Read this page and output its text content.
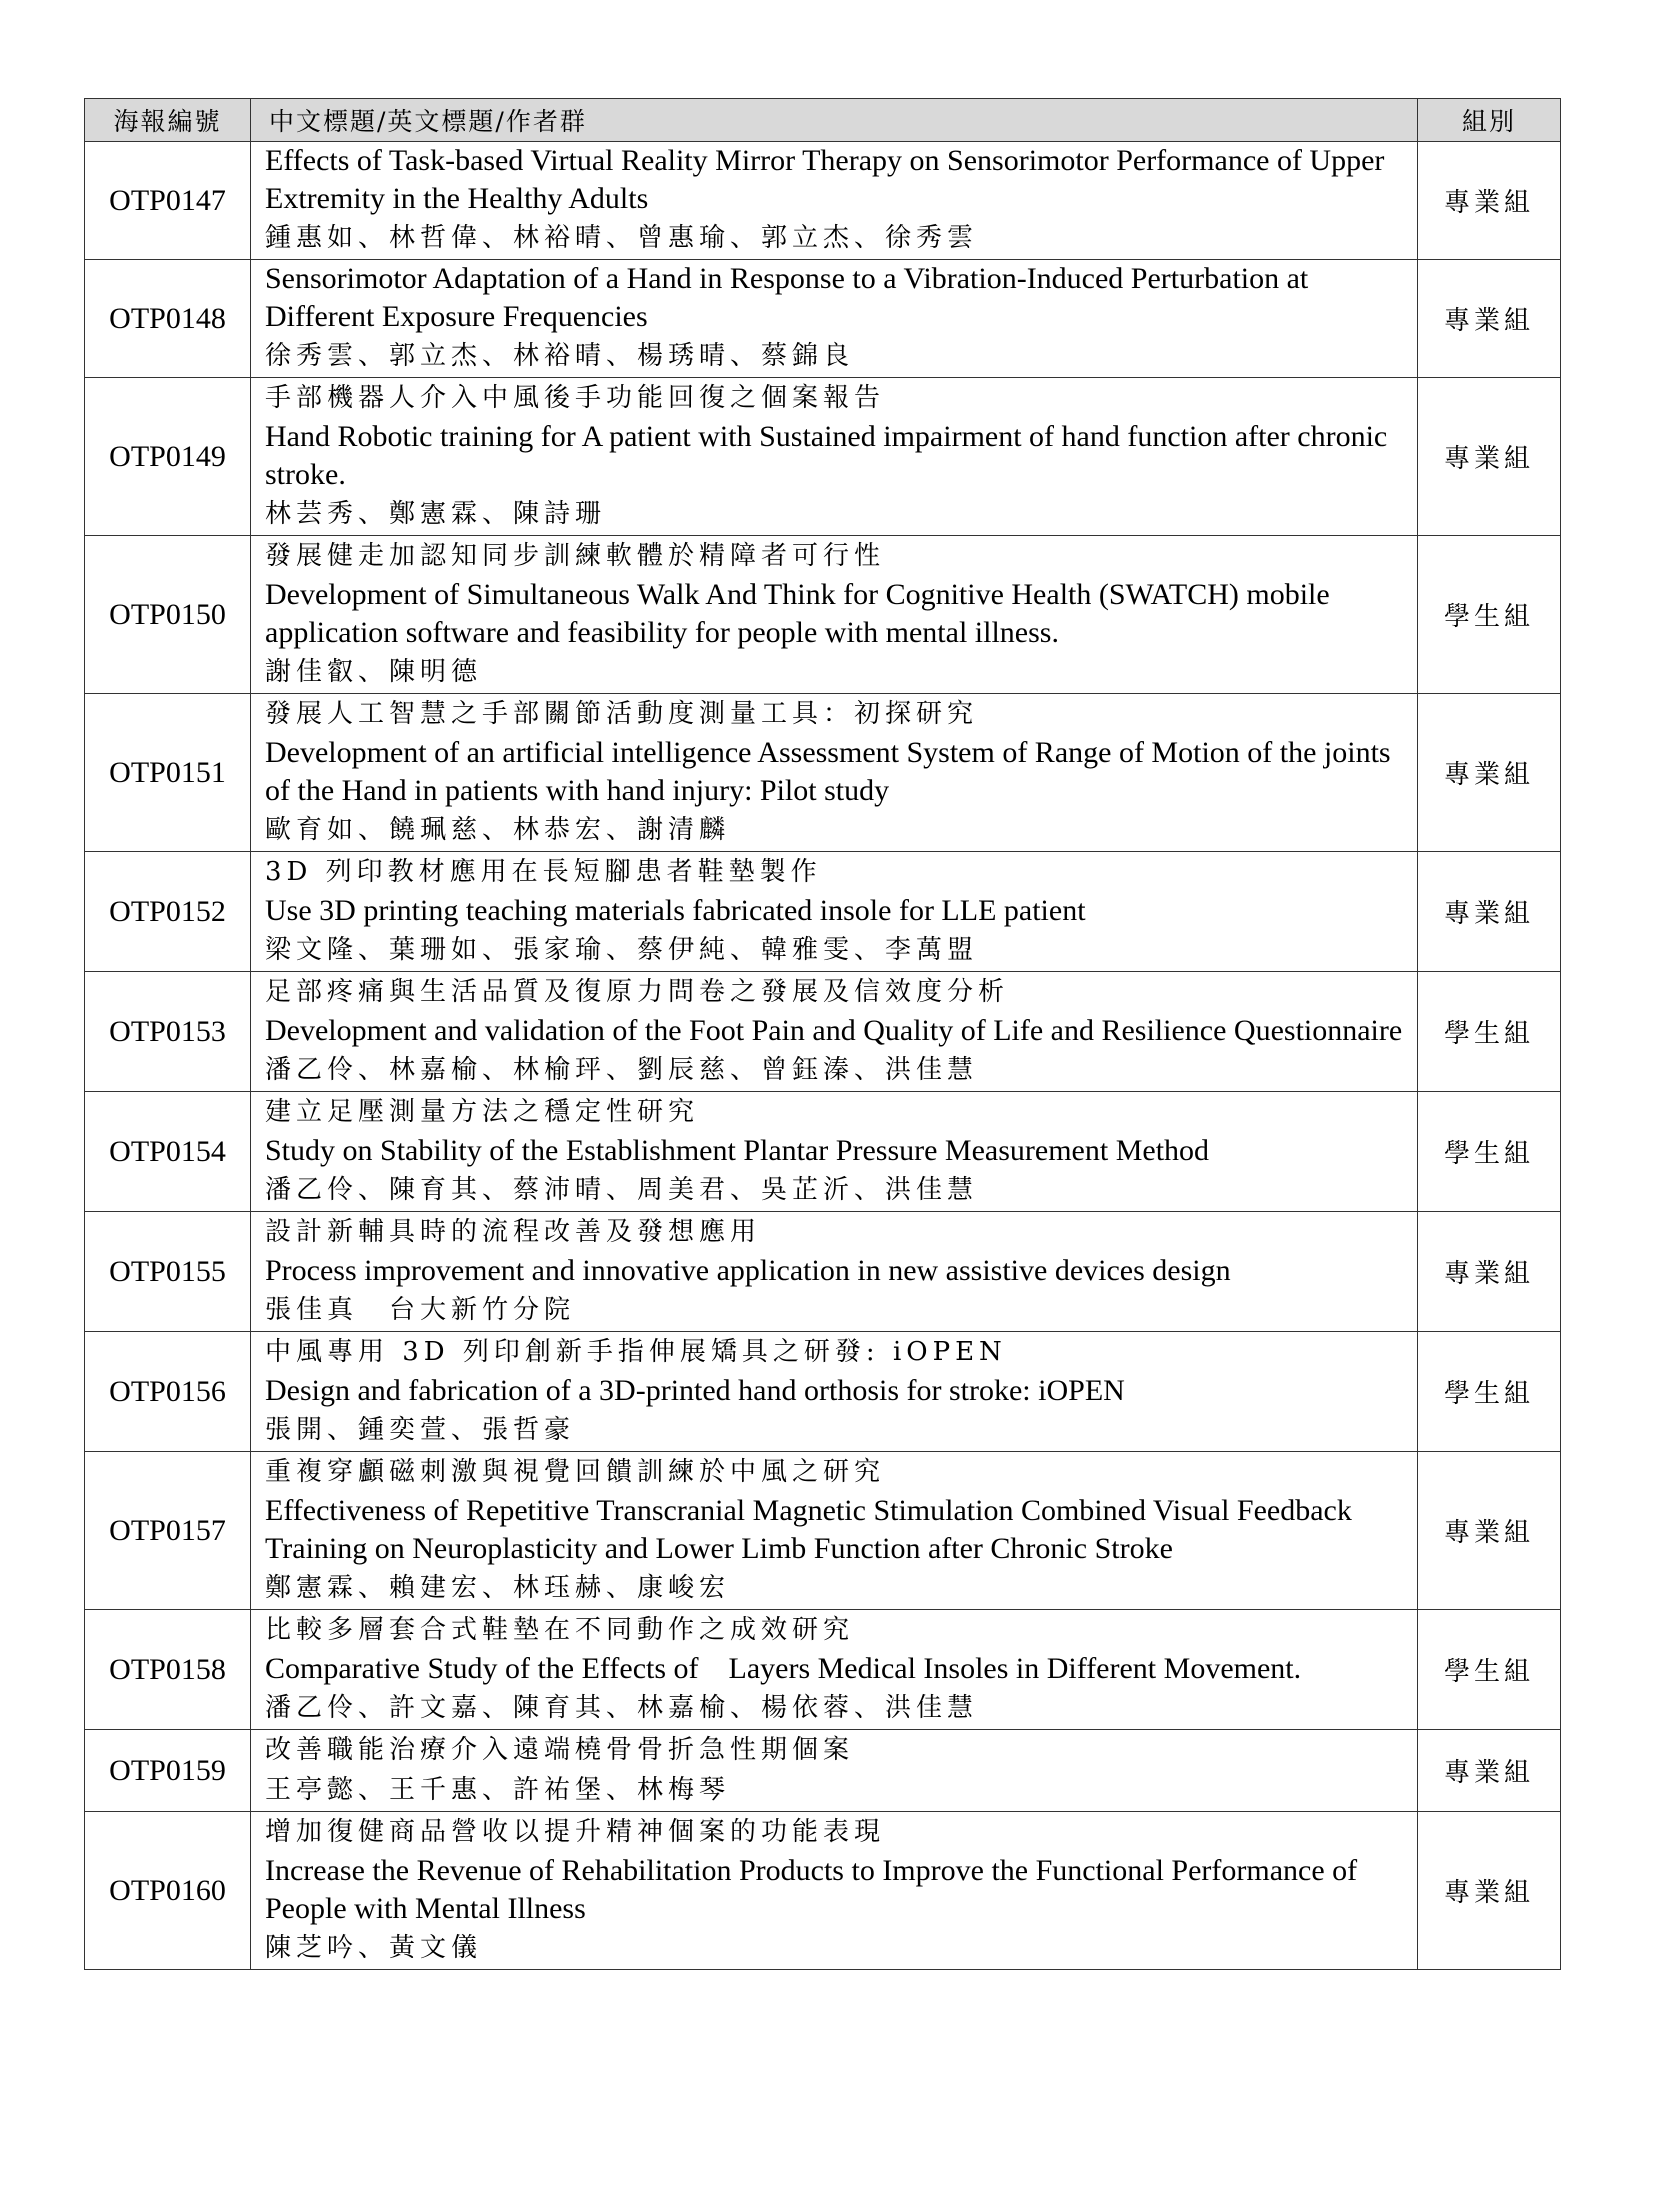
海報編號	中文標題/英文標題/作者群	組別
OTP0147	Effects of Task-based Virtual Reality Mirror Therapy on Sensorimotor Performance of Upper Extremity in the Healthy Adults
鍾惠如、林哲偉、林裕晴、曾惠瑜、郭立杰、徐秀雲	專業組
OTP0148	Sensorimotor Adaptation of a Hand in Response to a Vibration-Induced Perturbation at Different Exposure Frequencies
徐秀雲、郭立杰、林裕晴、楊琇晴、蔡錦良	專業組
OTP0149	手部機器人介入中風後手功能回復之個案報告
Hand Robotic training for A patient with Sustained impairment of hand function after chronic stroke.
林芸秀、鄭憲霖、陳詩珊	專業組
OTP0150	發展健走加認知同步訓練軟體於精障者可行性
Development of Simultaneous Walk And Think for Cognitive Health (SWATCH) mobile application software and feasibility for people with mental illness.
謝佳叡、陳明德	學生組
OTP0151	發展人工智慧之手部關節活動度測量工具：初探研究
Development of an artificial intelligence Assessment System of Range of Motion of the joints of the Hand in patients with hand injury: Pilot study
歐育如、饒珮慈、林恭宏、謝清麟	專業組
OTP0152	3D 列印教材應用在長短腳患者鞋墊製作
Use 3D printing teaching materials fabricated insole for LLE patient
梁文隆、葉珊如、張家瑜、蔡伊純、韓雅雯、李萬盟	專業組
OTP0153	足部疼痛與生活品質及復原力問卷之發展及信效度分析
Development and validation of the Foot Pain and Quality of Life and Resilience Questionnaire
潘乙伶、林嘉榆、林榆玶、劉辰慈、曾鈺溱、洪佳慧	學生組
OTP0154	建立足壓測量方法之穩定性研究
Study on Stability of the Establishment Plantar Pressure Measurement Method
潘乙伶、陳育其、蔡沛晴、周美君、吳芷沂、洪佳慧	學生組
OTP0155	設計新輔具時的流程改善及發想應用
Process improvement and innovative application in new assistive devices design
張佳真　台大新竹分院	專業組
OTP0156	中風專用 3D 列印創新手指伸展矯具之研發: iOPEN
Design and fabrication of a 3D-printed hand orthosis for stroke: iOPEN
張開、鍾奕萱、張哲豪	學生組
OTP0157	重複穿顱磁刺激與視覺回饋訓練於中風之研究
Effectiveness of Repetitive Transcranial Magnetic Stimulation Combined Visual Feedback Training on Neuroplasticity and Lower Limb Function after Chronic Stroke
鄭憲霖、賴建宏、林珏赫、康峻宏	專業組
OTP0158	比較多層套合式鞋墊在不同動作之成效研究
Comparative Study of the Effects of　Layers Medical Insoles in Different Movement.
潘乙伶、許文嘉、陳育其、林嘉榆、楊依蓉、洪佳慧	學生組
OTP0159	改善職能治療介入遠端橈骨骨折急性期個案
王亭懿、王千惠、許祐堡、林梅琴	專業組
OTP0160	增加復健商品營收以提升精神個案的功能表現
Increase the Revenue of Rehabilitation Products to Improve the Functional Performance of People with Mental Illness
陳芝吟、黃文儀	專業組
